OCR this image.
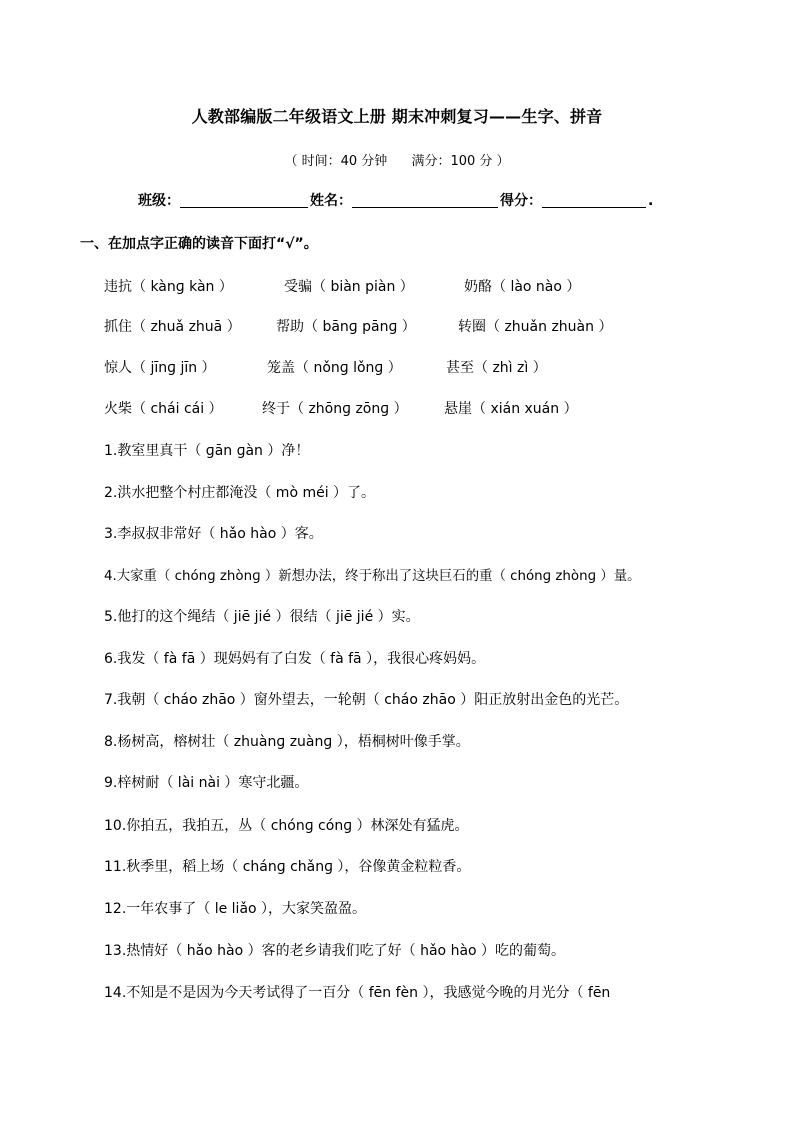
人教部编版二年级语文上册 期末冲刺复习——生字、拼音
（ 时间：40 分钟 满分：100 分 ）
班级：	姓名：	得分：	.
一、在加点字正确的读音下面打“√”。
违抗（ kànɡ kàn ）	受骗（ biàn piàn ）	奶酪（ lào nào ）
抓住（ zhuǎ zhuā ）	帮助（ bānɡ pānɡ ）	转圈（ zhuǎn zhuàn ）
惊人（ jīnɡ jīn ）	笼盖（ nǒnɡ lǒnɡ ）	甚至（ zhì zì ）
火柴（ chái cái ）	终于（ zhōnɡ zōnɡ ）	悬崖（ xián xuán ）
1.教室里真干（ ɡān ɡàn ）净！
2.洪水把整个村庄都淹没（ mò méi ）了。
3.李叔叔非常好（ hǎo hào ）客。
4.大家重（ chónɡ zhònɡ ）新想办法，终于称出了这块巨石的重（ chónɡ zhònɡ ）量。
5.他打的这个绳结（ jiē jié ）很结（ jiē jié ）实。
6.我发（ fà fā ）现妈妈有了白发（ fà fā ），我很心疼妈妈。
7.我朝（ cháo zhāo ）窗外望去，一轮朝（ cháo zhāo ）阳正放射出金色的光芒。
8.杨树高，榕树壮（ zhuànɡ zuànɡ ），梧桐树叶像手掌。
9.梓树耐（ lài nài ）寒守北疆。
10.你拍五，我拍五，丛（ chónɡ cónɡ ）林深处有猛虎。
11.秋季里，稻上场（ chánɡ chǎnɡ ），谷像黄金粒粒香。
12.一年农事了（ le liǎo ），大家笑盈盈。
13.热情好（ hǎo hào ）客的老乡请我们吃了好（ hǎo hào ）吃的葡萄。
14.不知是不是因为今天考试得了一百分（ fēn fèn ），我感觉今晚的月光分（ fēn
